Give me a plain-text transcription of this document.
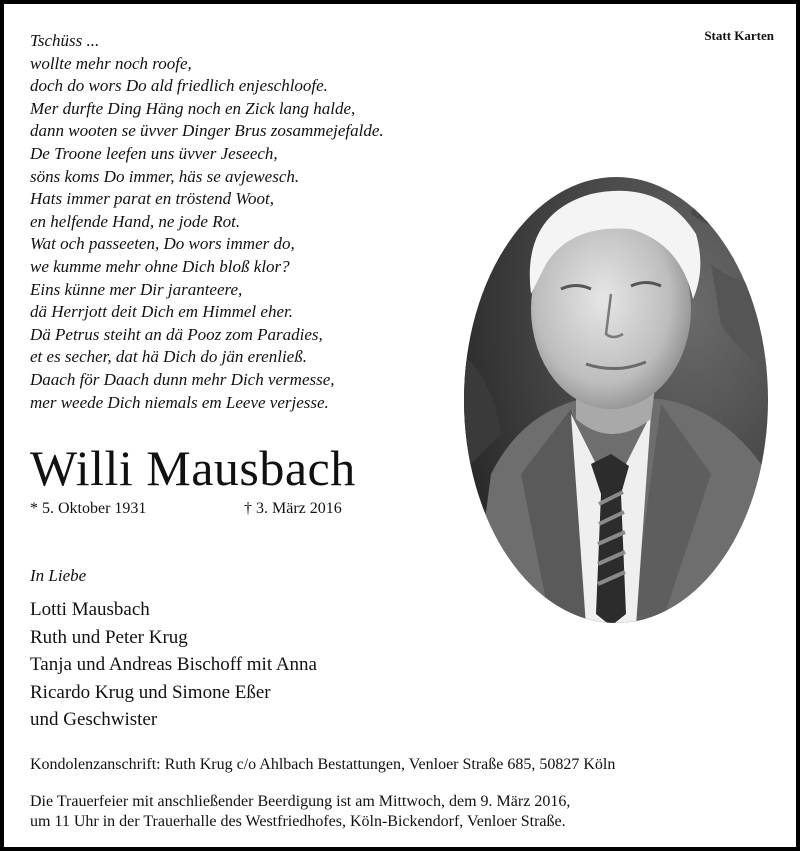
Statt Karten
Tschüss ...
wollte mehr noch roofe,
doch do wors Do ald friedlich enjeschloofe.
Mer durfte Ding Häng noch en Zick lang halde,
dann wooten se üvver Dinger Brus zosammejefalde.
De Troone leefen uns üvver Jeseech,
söns koms Do immer, häs se avjewesch.
Hats immer parat en tröstend Woot,
en helfende Hand, ne jode Rot.
Wat och passeeten, Do wors immer do,
we kumme mehr ohne Dich bloß klor?
Eins künne mer Dir jaranteere,
dä Herrjott deit Dich em Himmel eher.
Dä Petrus steiht an dä Pooz zom Paradies,
et es secher, dat hä Dich do jän erenließ.
Daach för Daach dunn mehr Dich vermesse,
mer weede Dich niemals em Leeve verjesse.
Willi Mausbach
* 5. Oktober 1931	† 3. März 2016
In Liebe
Lotti Mausbach
Ruth und Peter Krug
Tanja und Andreas Bischoff mit Anna
Ricardo Krug und Simone Eßer
und Geschwister
Kondolenzanschrift: Ruth Krug c/o Ahlbach Bestattungen, Venloer Straße 685, 50827 Köln
Die Trauerfeier mit anschließender Beerdigung ist am Mittwoch, dem 9. März 2016,
um 11 Uhr in der Trauerhalle des Westfriedhofes, Köln-Bickendorf, Venloer Straße.
